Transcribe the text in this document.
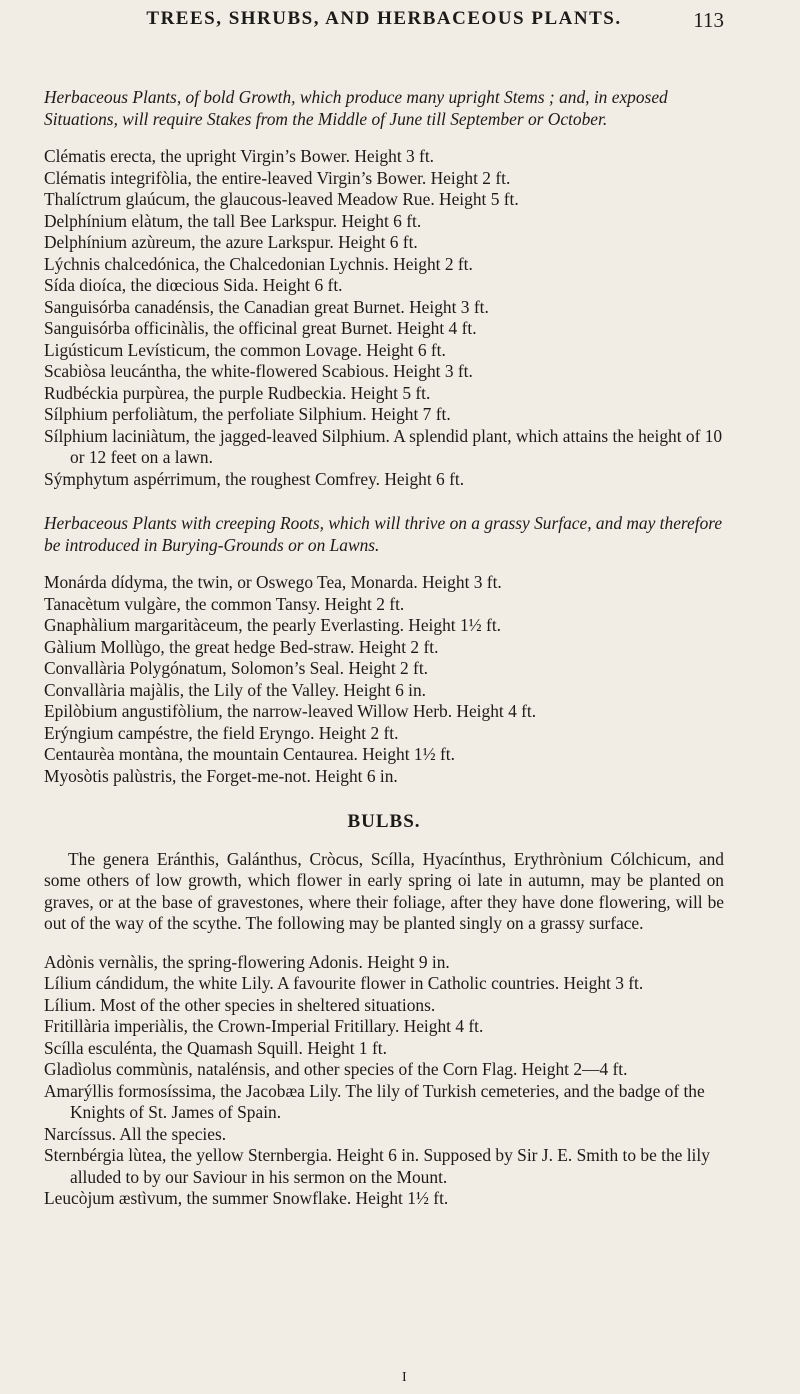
TREES, SHRUBS, AND HERBACEOUS PLANTS.	113

Herbaceous Plants, of bold Growth, which produce many upright Stems ; and, in exposed Situations, will require Stakes from the Middle of June till September or October.

Clématis erecta, the upright Virgin’s Bower. Height 3 ft.
Clématis integrifòlia, the entire-leaved Virgin’s Bower. Height 2 ft.
Thalíctrum glaúcum, the glaucous-leaved Meadow Rue. Height 5 ft.
Delphínium elàtum, the tall Bee Larkspur. Height 6 ft.
Delphínium azùreum, the azure Larkspur. Height 6 ft.
Lýchnis chalcedónica, the Chalcedonian Lychnis. Height 2 ft.
Sída dioíca, the diœcious Sida. Height 6 ft.
Sanguisórba canadénsis, the Canadian great Burnet. Height 3 ft.
Sanguisórba officinàlis, the officinal great Burnet. Height 4 ft.
Ligústicum Levísticum, the common Lovage. Height 6 ft.
Scabiòsa leucántha, the white-flowered Scabious. Height 3 ft.
Rudbéckia purpùrea, the purple Rudbeckia. Height 5 ft.
Sílphium perfoliàtum, the perfoliate Silphium. Height 7 ft.
Sílphium laciniàtum, the jagged-leaved Silphium. A splendid plant, which attains the height of 10 or 12 feet on a lawn.
Sýmphytum aspérrimum, the roughest Comfrey. Height 6 ft.

Herbaceous Plants with creeping Roots, which will thrive on a grassy Surface, and may therefore be introduced in Burying-Grounds or on Lawns.

Monárda dídyma, the twin, or Oswego Tea, Monarda. Height 3 ft.
Tanacètum vulgàre, the common Tansy. Height 2 ft.
Gnaphàlium margaritàceum, the pearly Everlasting. Height 1½ ft.
Gàlium Mollùgo, the great hedge Bed-straw. Height 2 ft.
Convallària Polygónatum, Solomon’s Seal. Height 2 ft.
Convallària majàlis, the Lily of the Valley. Height 6 in.
Epilòbium angustifòlium, the narrow-leaved Willow Herb. Height 4 ft.
Erýngium campéstre, the field Eryngo. Height 2 ft.
Centaurèa montàna, the mountain Centaurea. Height 1½ ft.
Myosòtis palùstris, the Forget-me-not. Height 6 in.
BULBS.

The genera Eránthis, Galánthus, Cròcus, Scílla, Hyacínthus, Erythrònium Cólchicum, and some others of low growth, which flower in early spring oi late in autumn, may be planted on graves, or at the base of gravestones, where their foliage, after they have done flowering, will be out of the way of the scythe. The following may be planted singly on a grassy surface.

Adònis vernàlis, the spring-flowering Adonis. Height 9 in.
Lílium cándidum, the white Lily. A favourite flower in Catholic countries. Height 3 ft.
Lílium. Most of the other species in sheltered situations.
Fritillària imperiàlis, the Crown-Imperial Fritillary. Height 4 ft.
Scílla esculénta, the Quamash Squill. Height 1 ft.
Gladìolus commùnis, natalénsis, and other species of the Corn Flag. Height 2—4 ft.
Amarýllis formosíssima, the Jacobæa Lily. The lily of Turkish cemeteries, and the badge of the Knights of St. James of Spain.
Narcíssus. All the species.
Sternbérgia lùtea, the yellow Sternbergia. Height 6 in. Supposed by Sir J. E. Smith to be the lily alluded to by our Saviour in his sermon on the Mount.
Leucòjum æstìvum, the summer Snowflake. Height 1½ ft.
I
